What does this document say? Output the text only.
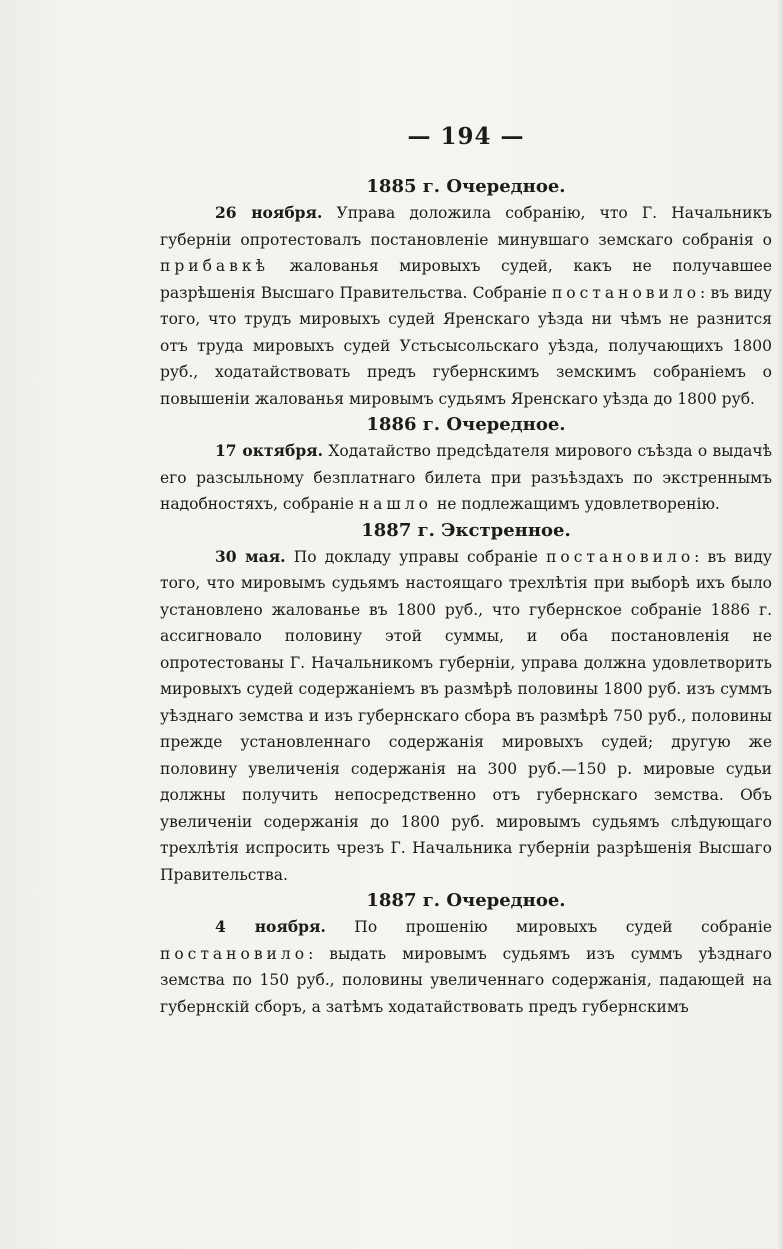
— 194 —
1885 г. Очередное.

26 ноября. Управа доложила собранію, что Г. Начальникъ губерніи опротестовалъ постановленіе минувшаго земскаго собранія о прибавкѣ жалованья мировыхъ судей, какъ не получавшее разрѣшенія Высшаго Правительства. Собраніе постановило: въ виду того, что трудъ мировыхъ судей Яренскаго уѣзда ни чѣмъ не разнится отъ труда мировыхъ судей Устьсысольскаго уѣзда, получающихъ 1800 руб., ходатайствовать предъ губернскимъ земскимъ собраніемъ о повышеніи жалованья мировымъ судьямъ Яренскаго уѣзда до 1800 руб.

1886 г. Очередное.

17 октября. Ходатайство предсѣдателя мирового съѣзда о выдачѣ его разсыльному безплатнаго билета при разъѣздахъ по экстреннымъ надобностяхъ, собраніе нашло не подлежащимъ удовлетворенію.

1887 г. Экстренное.

30 мая. По докладу управы собраніе постановило: въ виду того, что мировымъ судьямъ настоящаго трехлѣтія при выборѣ ихъ было установлено жалованье въ 1800 руб., что губернское собраніе 1886 г. ассигновало половину этой суммы, и оба постановленія не опротестованы Г. Начальникомъ губерніи, управа должна удовлетворить мировыхъ судей содержаніемъ въ размѣрѣ половины 1800 руб. изъ суммъ уѣзднаго земства и изъ губернскаго сбора въ размѣрѣ 750 руб., половины прежде установленнаго содержанія мировыхъ судей; другую же половину увеличенія содержанія на 300 руб.—150 р. мировые судьи должны получить непосредственно отъ губернскаго земства. Объ увеличеніи содержанія до 1800 руб. мировымъ судьямъ слѣдующаго трехлѣтія испросить чрезъ Г. Начальника губерніи разрѣшенія Высшаго Правительства.

1887 г. Очередное.

4 ноября. По прошенію мировыхъ судей собраніе постановило: выдать мировымъ судьямъ изъ суммъ уѣзднаго земства по 150 руб., половины увеличеннаго содержанія, падающей на губернскій сборъ, а затѣмъ ходатайствовать предъ губернскимъ
